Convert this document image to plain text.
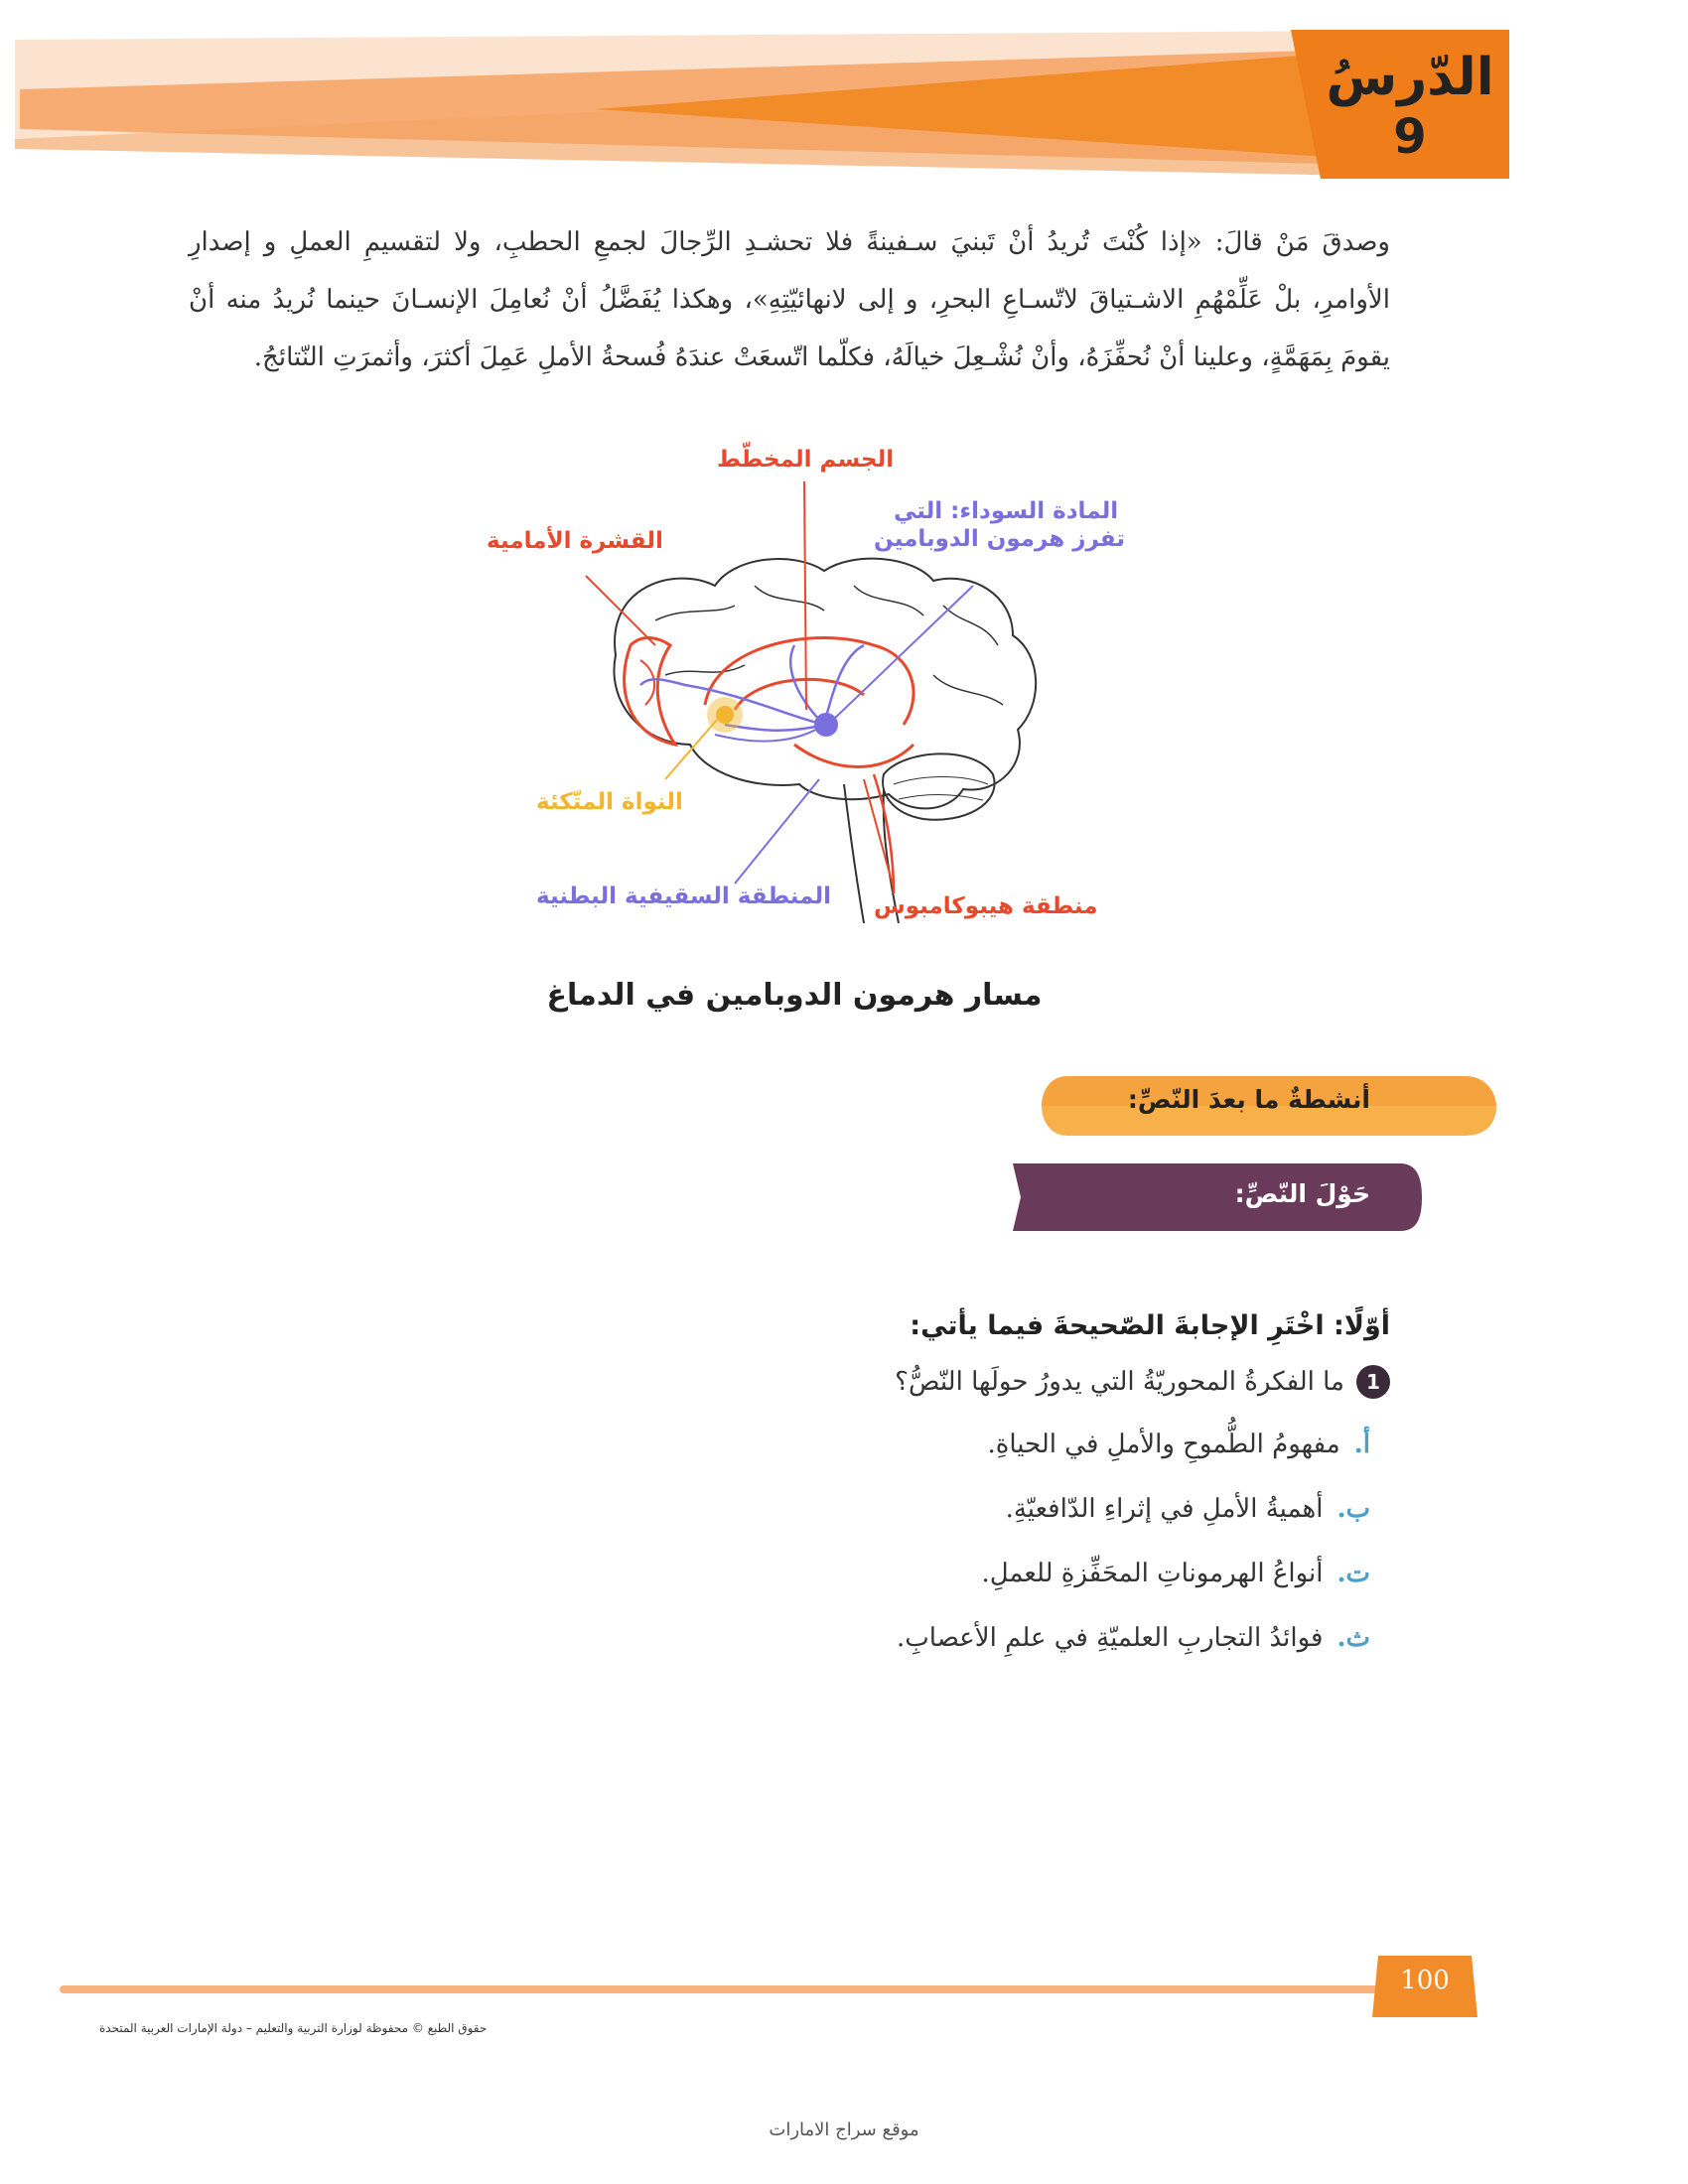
الدّرسُ
9
وصدقَ مَنْ قالَ: «إذا كُنْتَ تُريدُ أنْ تَبنيَ سـفينةً فلا تحشـدِ الرِّجالَ لجمعِ الحطبِ، ولا لتقسيمِ العملِ و إصدارِ الأوامرِ، بلْ عَلِّمْهُمِ الاشـتياقَ لاتّسـاعِ البحرِ، و إلى لانهائيّتِهِ»، وهكذا يُفَضَّلُ أنْ نُعامِلَ الإنسـانَ حينما نُريدُ منه أنْ يقومَ بِمَهَمَّةٍ، وعلينا أنْ نُحفِّزَهُ، وأنْ نُشْـعِلَ خيالَهُ، فكلّما اتّسعَتْ عندَهُ فُسحةُ الأملِ عَمِلَ أكثرَ، وأثمرَتِ النّتائجُ.
الجسم المخطّط
المادة السوداء: التي
تفرز هرمون الدوبامين
القشرة الأمامية
النواة المتّكئة
المنطقة السقيفية البطنية منطقة هيبوكامبوس
مسار هرمون الدوبامين في الدماغ
أنشطةٌ ما بعدَ النّصِّ:
حَوْلَ النّصِّ:
أوّلًا: اخْتَرِ الإجابةَ الصّحيحةَ فيما يأتي:
1
ما الفكرةُ المحوريّةُ التي يدورُ حولَها النّصُّ؟
أ.
مفهومُ الطُّموحِ والأملِ في الحياةِ.
ب.
أهميةُ الأملِ في إثراءِ الدّافعيّةِ.
ت.
أنواعُ الهرموناتِ المحَفِّزةِ للعملِ.
ث.
فوائدُ التجاربِ العلميّةِ في علمِ الأعصابِ.
100
حقوق الطبع © محفوظة لوزارة التربية والتعليم – دولة الإمارات العربية المتحدة
موقع سراج الامارات
